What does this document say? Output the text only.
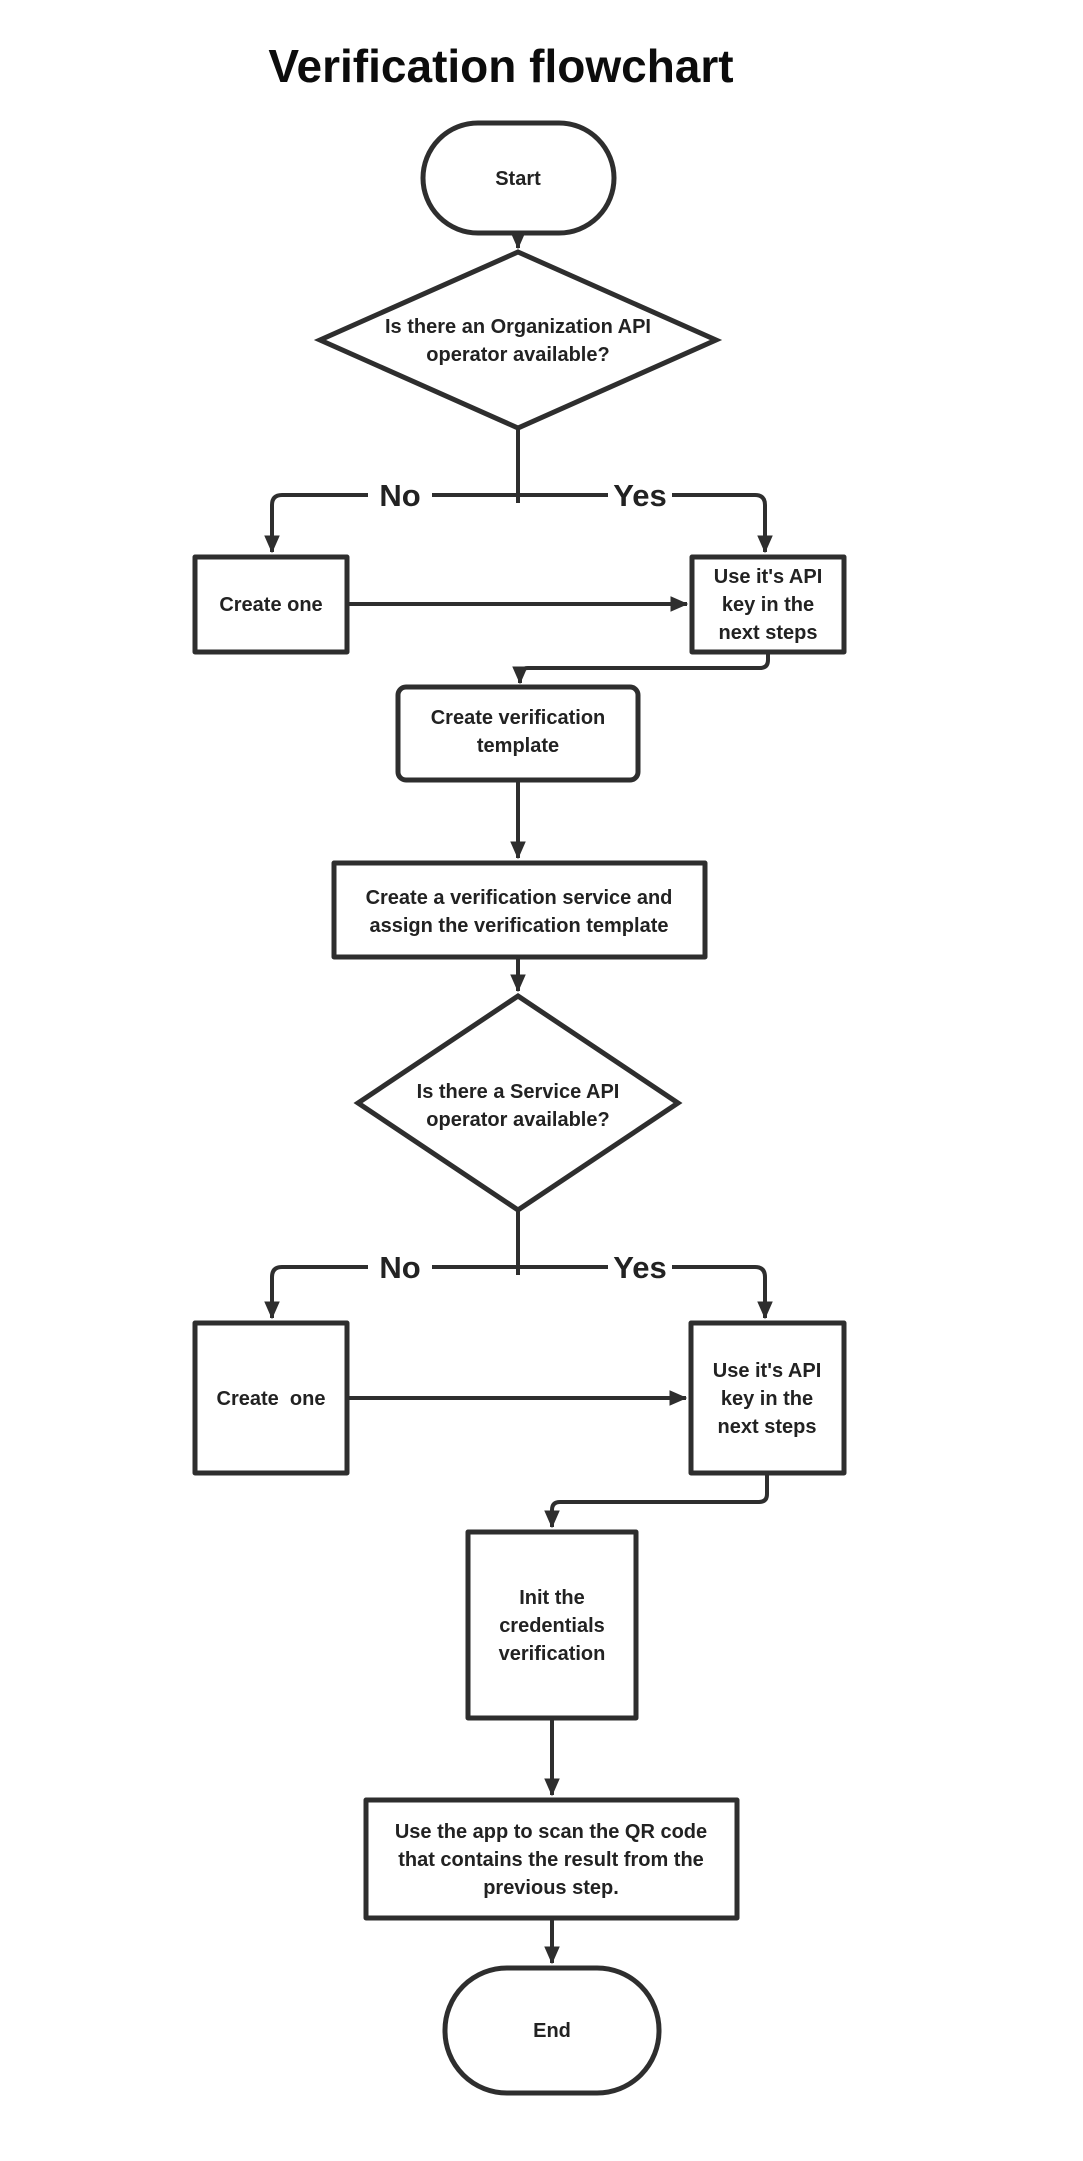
Verification flowchart
No	Yes
No	Yes
Start
Is there an Organization API
operator available?
Create one
Use it's API
key in the
next steps
Create verification
template
Create a verification service and
assign the verification template
Is there a Service API
operator available?
Create  one
Use it's API
key in the
next steps
Init the
credentials
verification
Use the app to scan the QR code
that contains the result from the
previous step.
End
